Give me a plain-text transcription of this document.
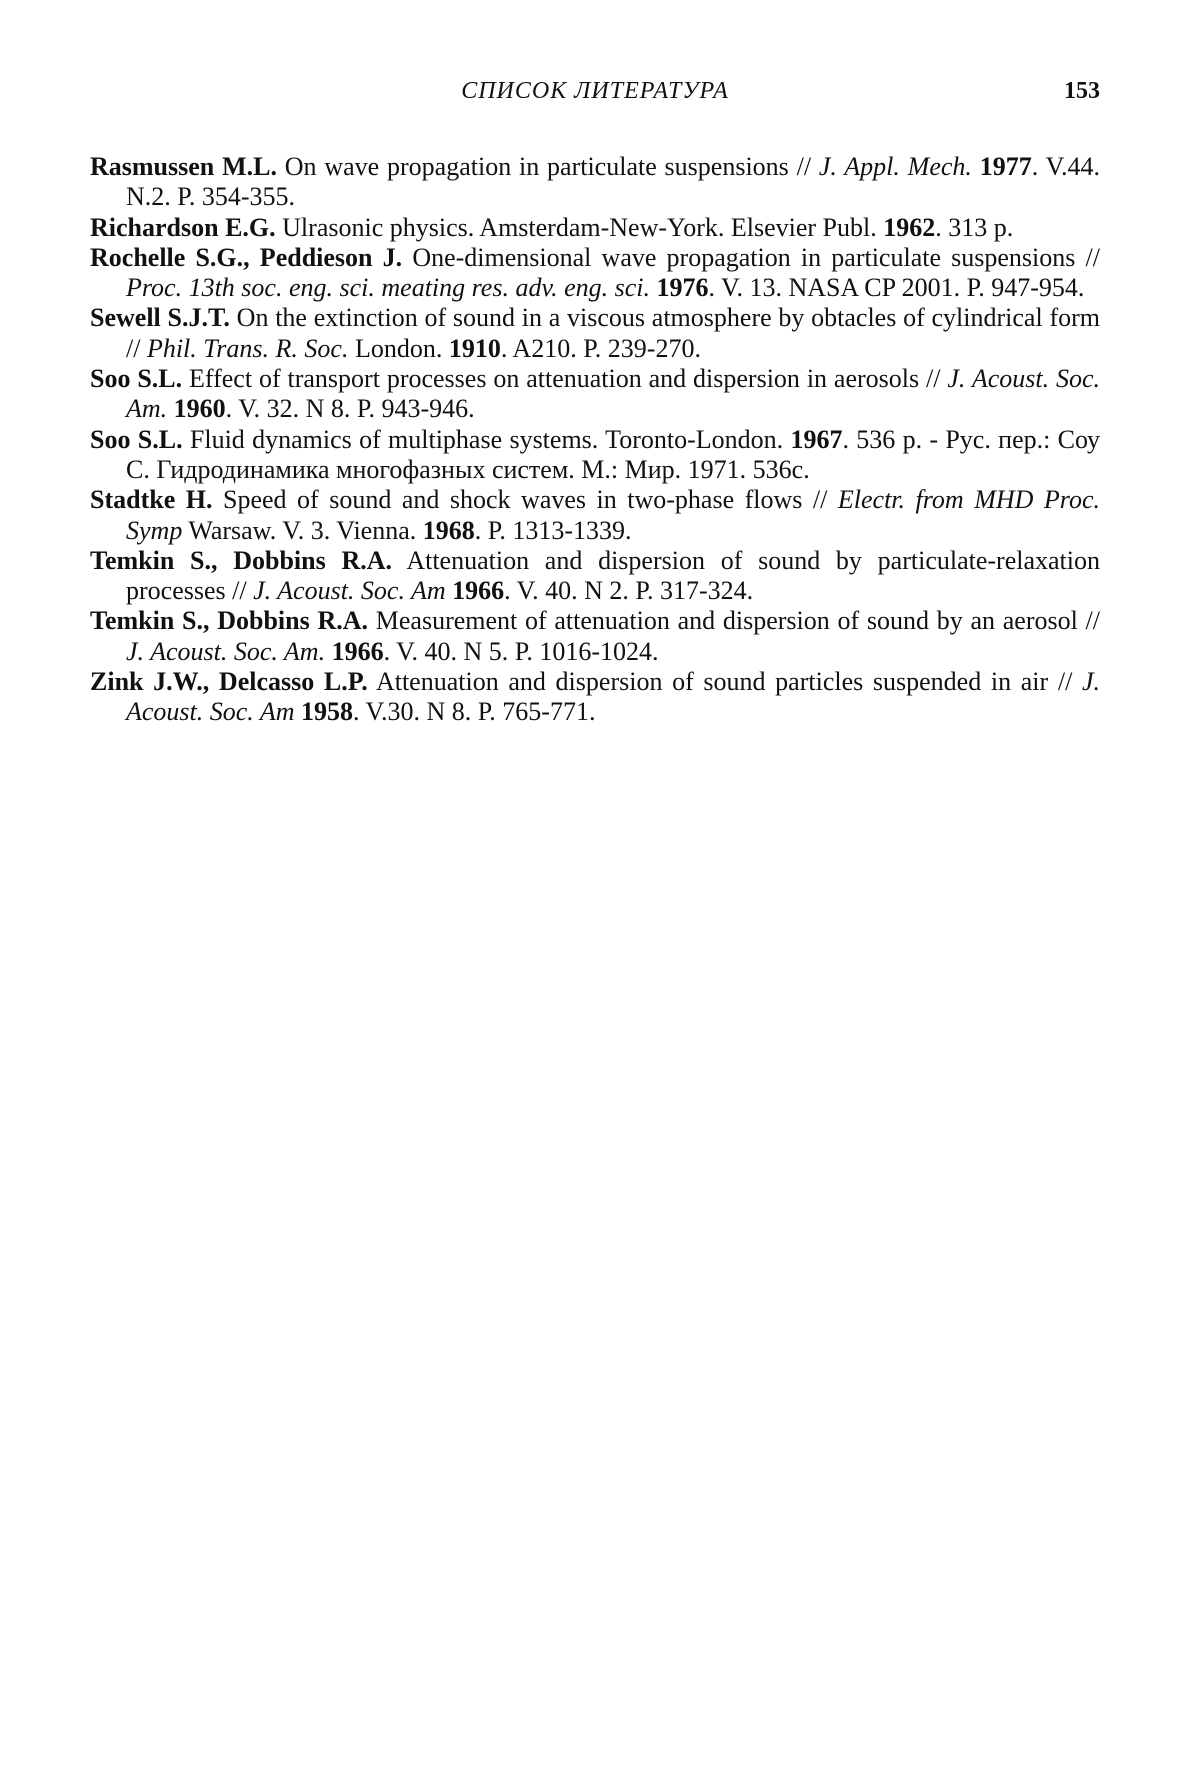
СПИСОК ЛИТЕРАТУРА	153

Rasmussen M.L. On wave propagation in particulate suspensions // J. Appl. Mech. 1977. V.44. N.2. P. 354-355.

Richardson E.G. Ulrasonic physics. Amsterdam-New-York. Elsevier Publ. 1962. 313 p.

Rochelle S.G., Peddieson J. One-dimensional wave propagation in particulate suspensions // Proc. 13th soc. eng. sci. meating res. adv. eng. sci. 1976. V. 13. NASA CP 2001. P. 947-954.

Sewell S.J.T. On the extinction of sound in a viscous atmosphere by obtacles of cylindrical form // Phil. Trans. R. Soc. London. 1910. A210. P. 239-270.

Soo S.L. Effect of transport processes on attenuation and dispersion in aerosols // J. Acoust. Soc. Am. 1960. V. 32. N 8. P. 943-946.

Soo S.L. Fluid dynamics of multiphase systems. Toronto-London. 1967. 536 p. - Рус. пер.: Соу С. Гидродинамика многофазных систем. М.: Мир. 1971. 536с.

Stadtke H. Speed of sound and shock waves in two-phase flows // Electr. from MHD Proc. Symp Warsaw. V. 3. Vienna. 1968. P. 1313-1339.

Temkin S., Dobbins R.A. Attenuation and dispersion of sound by particulate-relaxation processes // J. Acoust. Soc. Am 1966. V. 40. N 2. P. 317-324.

Temkin S., Dobbins R.A. Measurement of attenuation and dispersion of sound by an aerosol // J. Acoust. Soc. Am. 1966. V. 40. N 5. P. 1016-1024.

Zink J.W., Delcasso L.P. Attenuation and dispersion of sound particles suspended in air // J. Acoust. Soc. Am 1958. V.30. N 8. P. 765-771.
